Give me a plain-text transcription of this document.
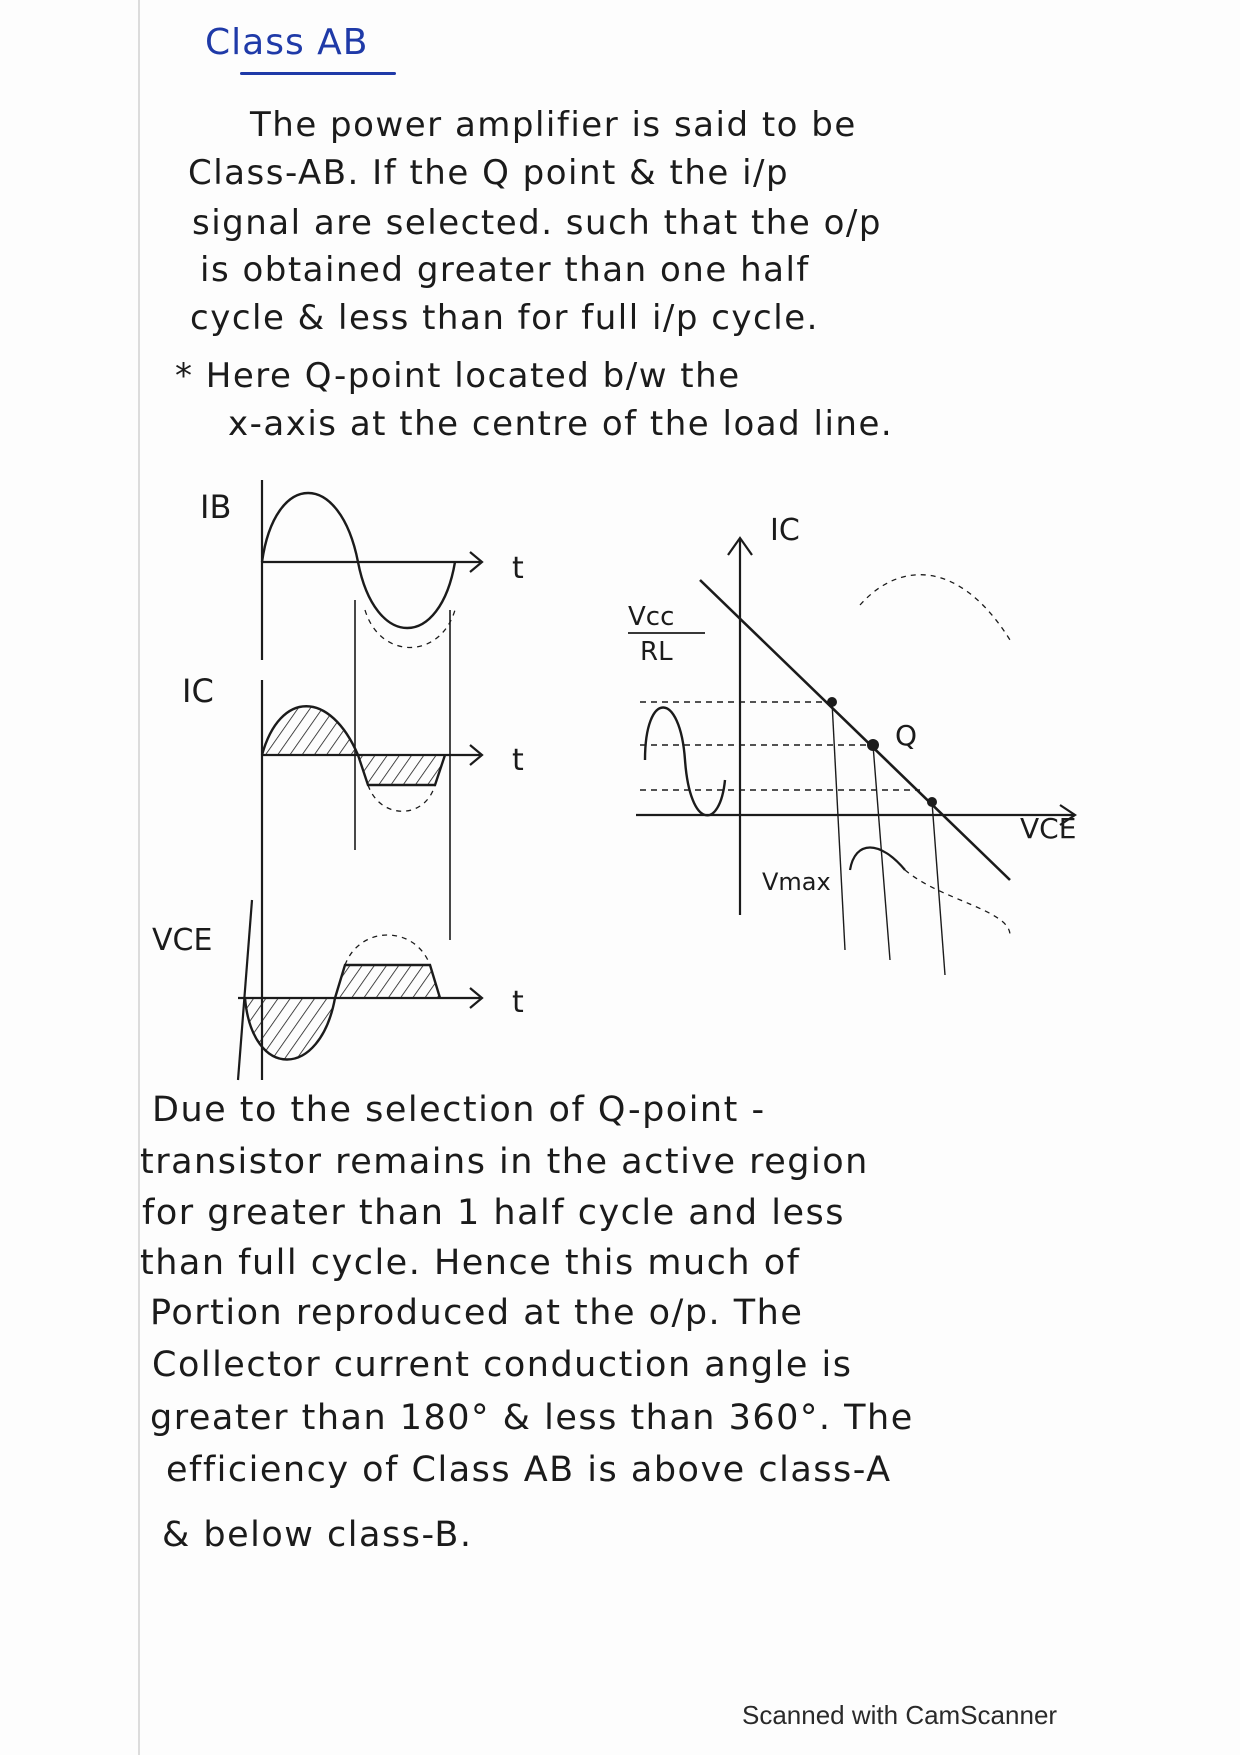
Class AB
The power amplifier is said to be
Class-AB. If the Q point & the i/p
signal are selected. such that the o/p
is obtained greater than one half
cycle & less than for full i/p cycle.
* Here Q-point located b/w the
x-axis at the centre of the load line.
IB
t
IC
t
VCE
t
IC
VCE
Vcc
RL
Q
Vmax
Due to the selection of Q-point -
transistor remains in the active region
for greater than 1 half cycle and less
than full cycle. Hence this much of
Portion reproduced at the o/p. The
Collector current conduction angle is
greater than 180° & less than 360°. The
efficiency of Class AB is above class-A
& below class-B.
Scanned with CamScanner
